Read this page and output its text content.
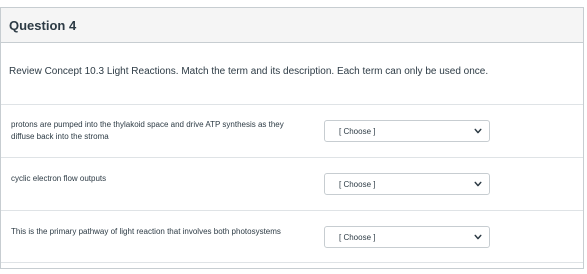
Question 4
Review Concept 10.3 Light Reactions. Match the term and its description. Each term can only be used once.
protons are pumped into the thylakoid space and drive ATP synthesis as they diffuse back into the stroma
[ Choose ]
cyclic electron flow outputs
[ Choose ]
This is the primary pathway of light reaction that involves both photosystems
[ Choose ]
